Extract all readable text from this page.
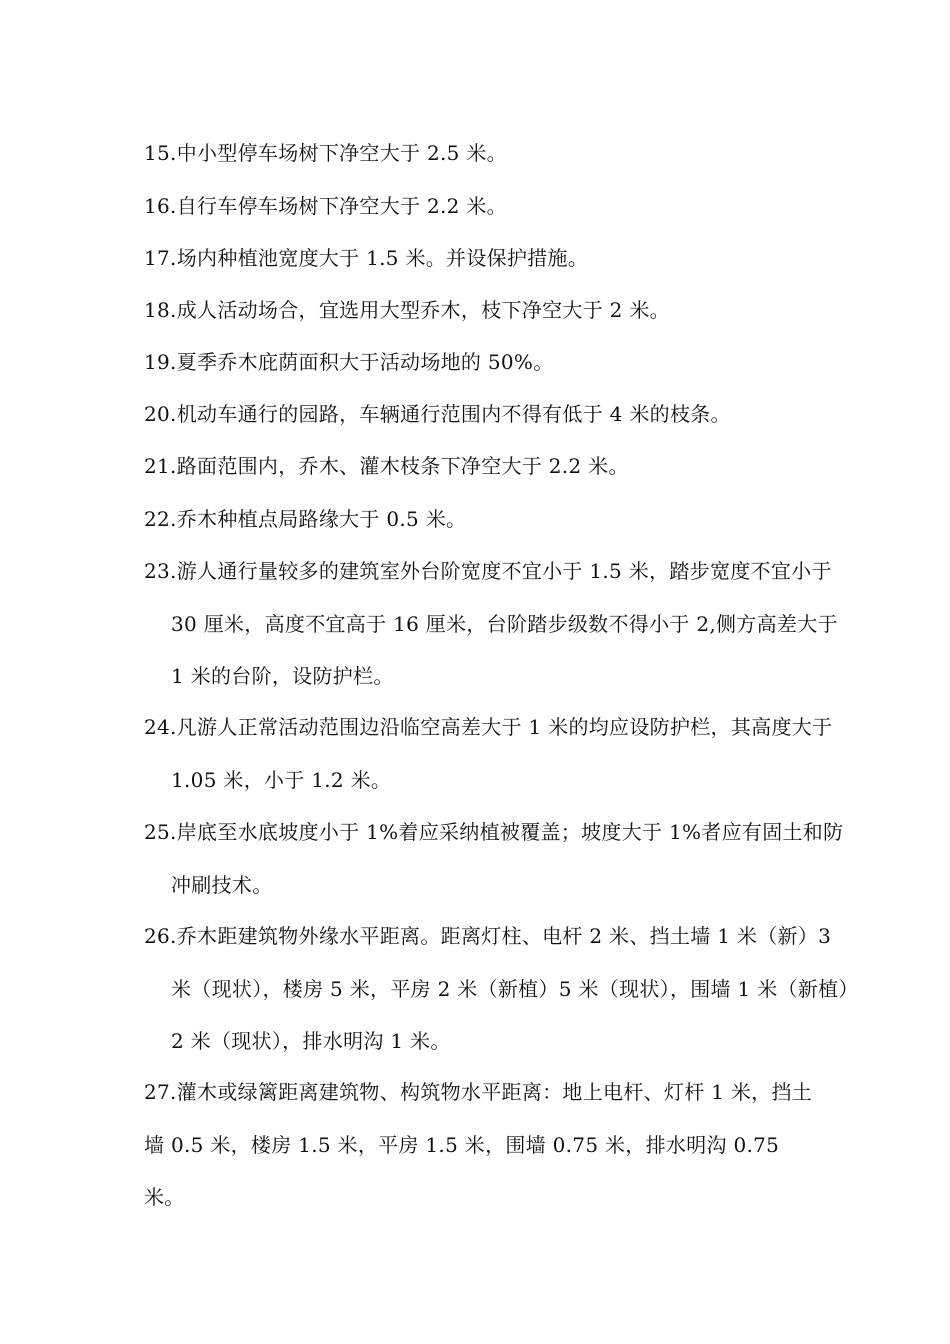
15.中小型停车场树下净空大于 2.5 米。

16.自行车停车场树下净空大于 2.2 米。

17.场内种植池宽度大于 1.5 米。并设保护措施。

18.成人活动场合，宜选用大型乔木，枝下净空大于 2 米。

19.夏季乔木庇荫面积大于活动场地的 50%。

20.机动车通行的园路，车辆通行范围内不得有低于 4 米的枝条。

21.路面范围内，乔木、灌木枝条下净空大于 2.2 米。

22.乔木种植点局路缘大于 0.5 米。

23.游人通行量较多的建筑室外台阶宽度不宜小于 1.5 米，踏步宽度不宜小于 30 厘米，高度不宜高于 16 厘米，台阶踏步级数不得小于 2,侧方高差大于 1 米的台阶，设防护栏。

24.凡游人正常活动范围边沿临空高差大于 1 米的均应设防护栏，其高度大于 1.05 米，小于 1.2 米。

25.岸底至水底坡度小于 1%着应采纳植被覆盖；坡度大于 1%者应有固土和防冲刷技术。

26.乔木距建筑物外缘水平距离。距离灯柱、电杆 2 米、挡土墙 1 米（新）3 米（现状），楼房 5 米，平房 2 米（新植）5 米（现状），围墙 1 米（新植）2 米（现状），排水明沟 1 米。

27.灌木或绿篱距离建筑物、构筑物水平距离：地上电杆、灯杆 1 米，挡土墙 0.5 米，楼房 1.5 米，平房 1.5 米，围墙 0.75 米，排水明沟 0.75 米。
